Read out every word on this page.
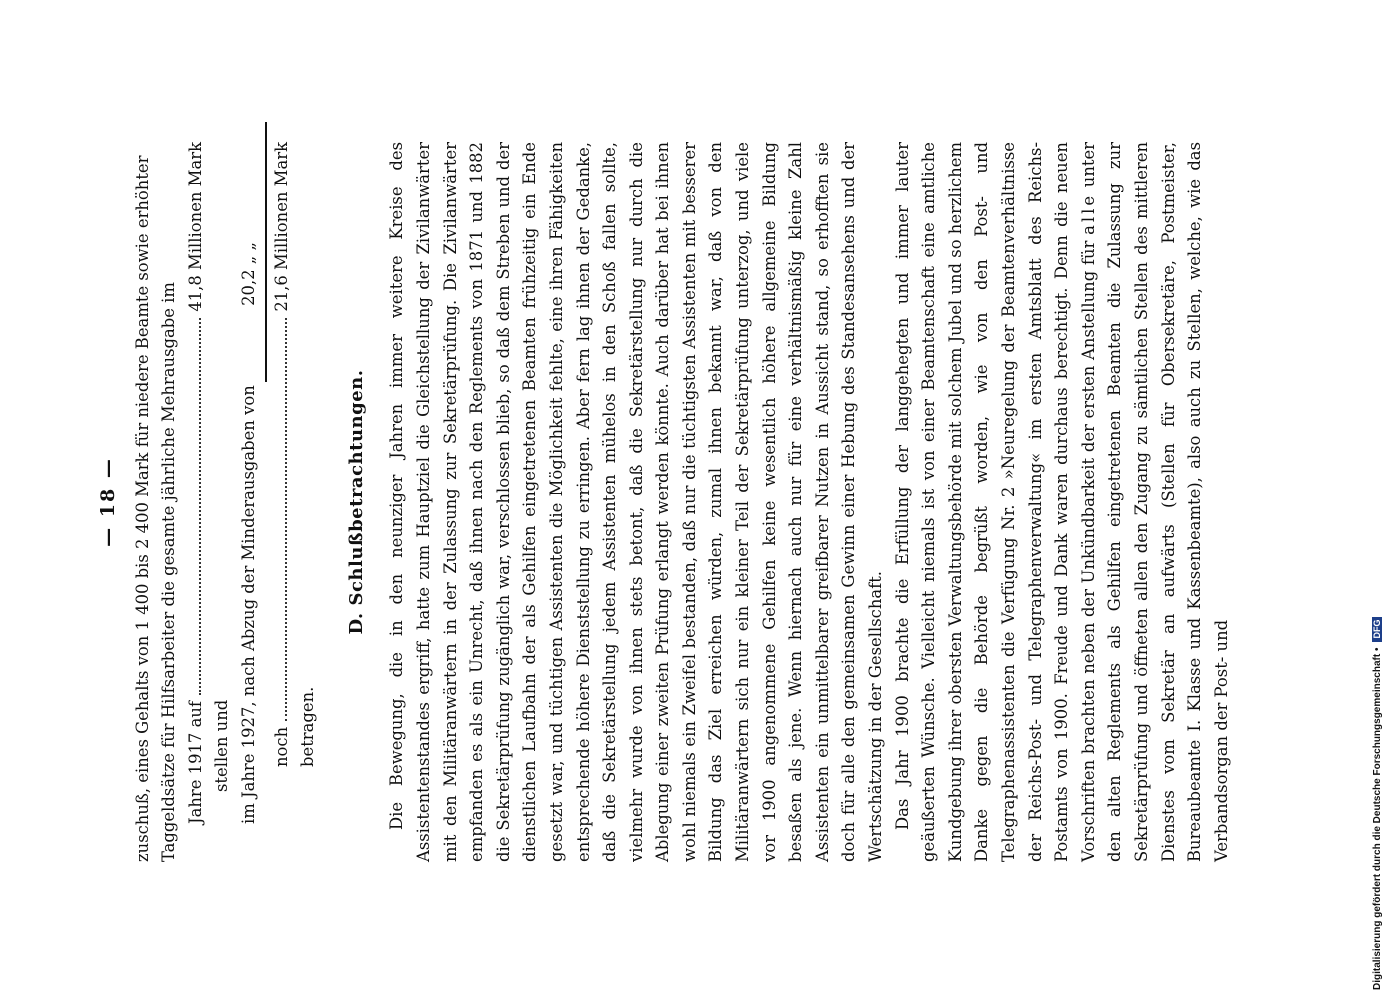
— 18 — zuschuß, eines Gehalts von 1 400 bis 2 400 Mark für niedere Beamte sowie erhöhter Taggeldsätze für Hilfsarbeiter die gesamte jährliche Mehrausgabe im Jahre 1917 auf
41,8 Millionen Mark
stellen und im Jahre 1927, nach Abzug der Minderausgaben von
20,2 „ „
noch
21,6 Millionen Mark
betragen.
D. Schlußbetrachtungen. Die Bewegung, die in den neunziger Jahren immer weitere Kreise des Assistentenstandes ergriff, hatte zum Hauptziel die Gleichstellung der Zivilanwärter mit den Militäranwärtern in der Zulassung zur Sekretärprüfung. Die Zivilanwärter empfanden es als ein Unrecht, daß ihnen nach den Reglements von 1871 und 1882 die Sekretärprüfung zugänglich war, verschlossen blieb, so daß dem Streben und der dienstlichen Laufbahn der als Gehilfen eingetretenen Beamten frühzeitig ein Ende gesetzt war, und tüchtigen Assistenten die Möglichkeit fehlte, eine ihren Fähigkeiten entsprechende höhere Dienststellung zu erringen. Aber fern lag ihnen der Gedanke, daß die Sekretärstellung jedem Assistenten mühelos in den Schoß fallen sollte, vielmehr wurde von ihnen stets betont, daß die Sekretärstellung nur durch die Ablegung einer zweiten Prüfung erlangt werden könnte. Auch darüber hat bei ihnen wohl niemals ein Zweifel bestanden, daß nur die tüchtigsten Assistenten mit besserer Bildung das Ziel erreichen würden, zumal ihnen bekannt war, daß von den Militäranwärtern sich nur ein kleiner Teil der Sekretärprüfung unterzog, und viele vor 1900 angenommene Gehilfen keine wesentlich höhere allgemeine Bildung besaßen als jene. Wenn hiernach auch nur für eine verhältnismäßig kleine Zahl Assistenten ein unmittelbarer greifbarer Nutzen in Aussicht stand, so erhofften sie doch für alle den gemeinsamen Gewinn einer Hebung des Standesansehens und der Wertschätzung in der Gesellschaft. Das Jahr 1900 brachte die Erfüllung der langgehegten und immer lauter geäußerten Wünsche. Vielleicht niemals ist von einer Beamtenschaft eine amtliche Kundgebung ihrer obersten Verwaltungsbehörde mit solchem Jubel und so herzlichem Danke gegen die Behörde begrüßt worden, wie von den Post- und Telegraphenassistenten die Verfügung Nr. 2 »Neuregelung der Beamtenverhältnisse der Reichs-Post- und Telegraphenverwaltung« im ersten Amtsblatt des Reichs-Postamts von 1900. Freude und Dank waren durchaus berechtigt. Denn die neuen Vorschriften brachten neben der Unkündbarkeit der ersten Anstellung für alle unter den alten Reglements als Gehilfen eingetretenen Beamten die Zulassung zur Sekretärprüfung und öffneten allen den Zugang zu sämtlichen Stellen des mittleren Dienstes vom Sekretär an aufwärts (Stellen für Obersekretäre, Postmeister, Bureaubeamte I. Klasse und Kassenbeamte), also auch zu Stellen, welche, wie das Verbandsorgan der Post- und	Digitalisierung gefördert durch die Deutsche Forschungsgemeinschaft •
DFG
